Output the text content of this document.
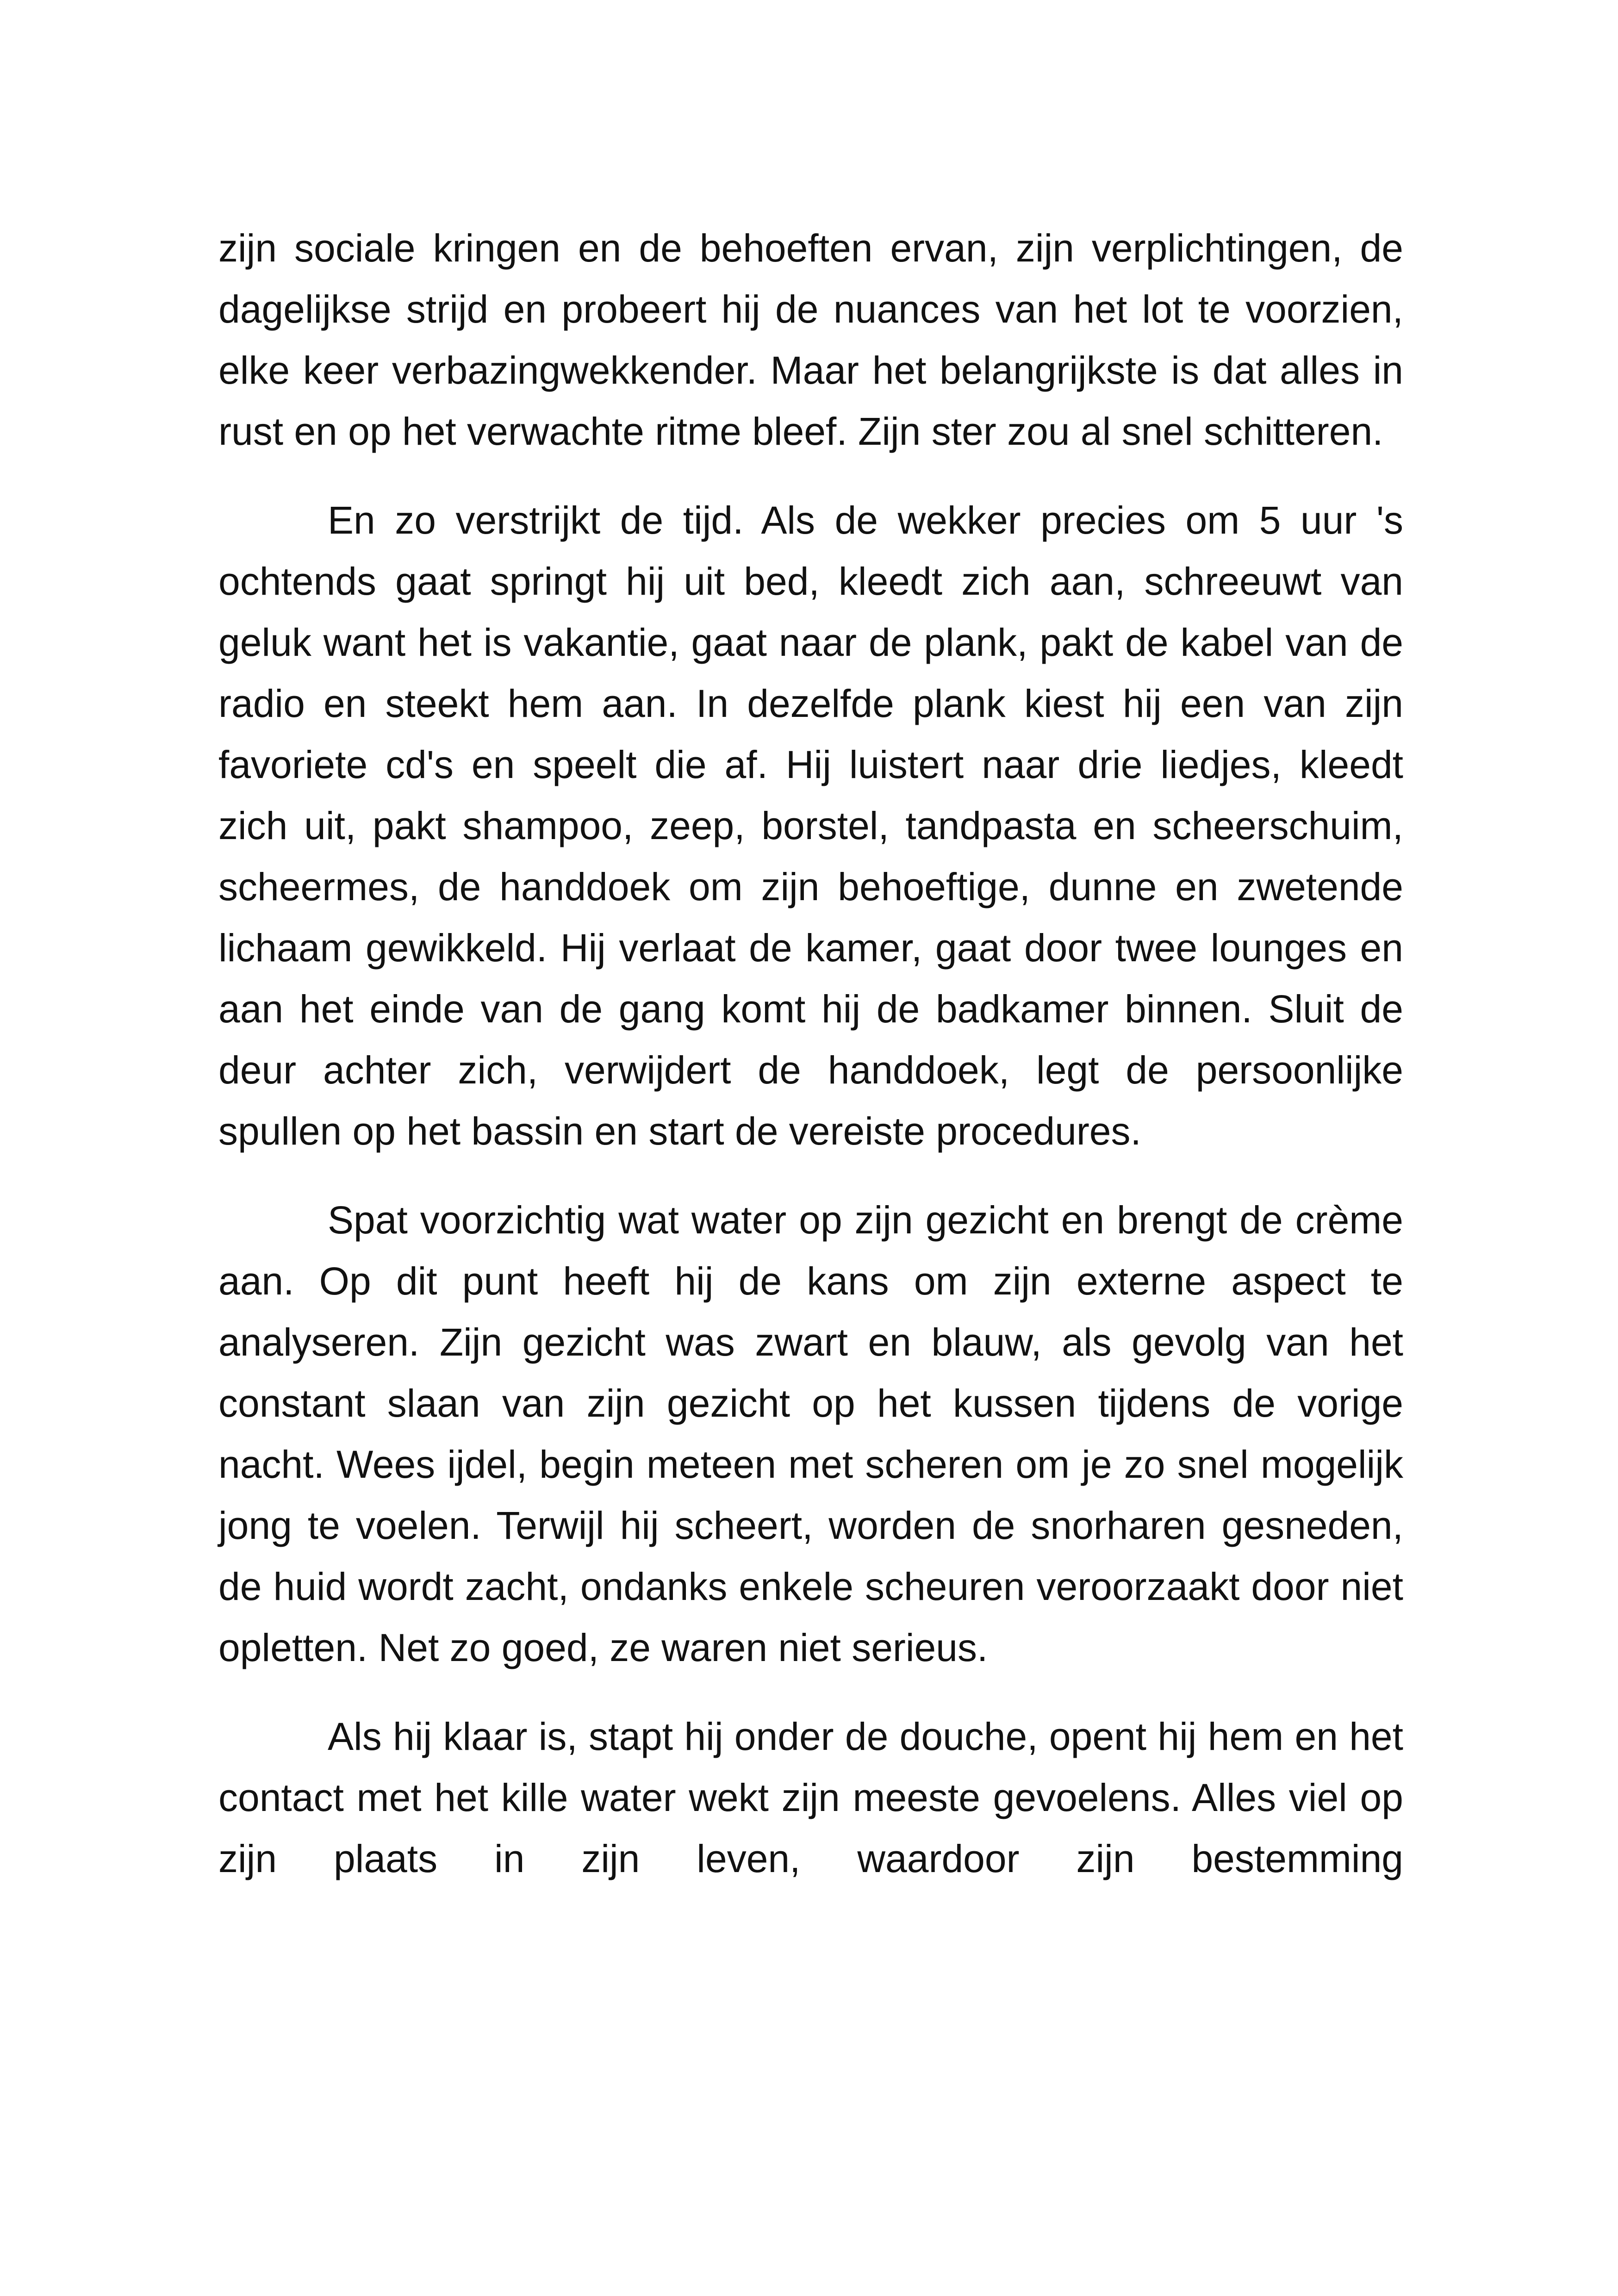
zijn sociale kringen en de behoeften ervan, zijn verplichtingen, de dagelijkse strijd en probeert hij de nuances van het lot te voorzien, elke keer verbazingwekkender. Maar het belangrijkste is dat alles in rust en op het verwachte ritme bleef. Zijn ster zou al snel schitteren.

En zo verstrijkt de tijd. Als de wekker precies om 5 uur 's ochtends gaat springt hij uit bed, kleedt zich aan, schreeuwt van geluk want het is vakantie, gaat naar de plank, pakt de kabel van de radio en steekt hem aan. In dezelfde plank kiest hij een van zijn favoriete cd's en speelt die af. Hij luistert naar drie liedjes, kleedt zich uit, pakt shampoo, zeep, borstel, tandpasta en scheerschuim, scheermes, de handdoek om zijn behoeftige, dunne en zwetende lichaam gewikkeld. Hij verlaat de kamer, gaat door twee lounges en aan het einde van de gang komt hij de badkamer binnen. Sluit de deur achter zich, verwijdert de handdoek, legt de persoonlijke spullen op het bassin en start de vereiste procedures.

Spat voorzichtig wat water op zijn gezicht en brengt de crème aan. Op dit punt heeft hij de kans om zijn externe aspect te analyseren. Zijn gezicht was zwart en blauw, als gevolg van het constant slaan van zijn gezicht op het kussen tijdens de vorige nacht. Wees ijdel, begin meteen met scheren om je zo snel mogelijk jong te voelen. Terwijl hij scheert, worden de snorharen gesneden, de huid wordt zacht, ondanks enkele scheuren veroorzaakt door niet opletten. Net zo goed, ze waren niet serieus.

Als hij klaar is, stapt hij onder de douche, opent hij hem en het contact met het kille water wekt zijn meeste gevoelens. Alles viel op zijn plaats in zijn leven, waardoor zijn bestemming
